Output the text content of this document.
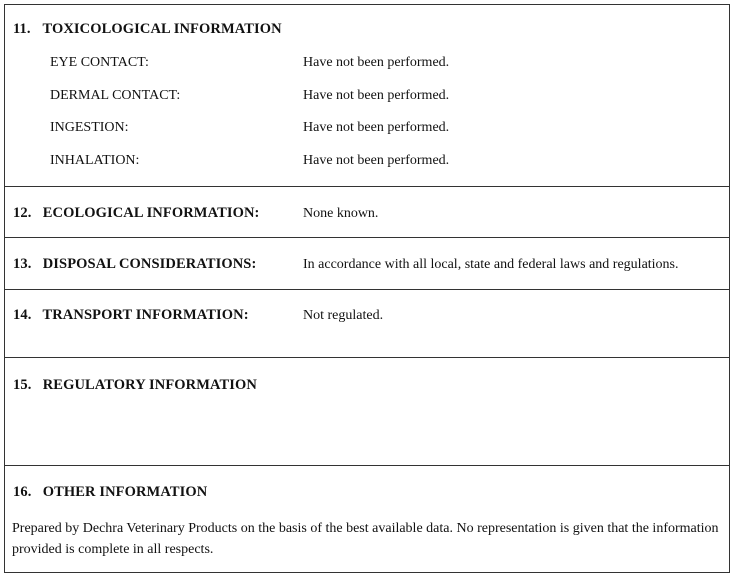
11. TOXICOLOGICAL INFORMATION
EYE CONTACT:	Have not been performed.
DERMAL CONTACT:	Have not been performed.
INGESTION:	Have not been performed.
INHALATION:	Have not been performed.
12. ECOLOGICAL INFORMATION:	None known.
13. DISPOSAL CONSIDERATIONS:	In accordance with all local, state and federal laws and regulations.
14. TRANSPORT INFORMATION:	Not regulated.
15. REGULATORY INFORMATION
16. OTHER INFORMATION
Prepared by Dechra Veterinary Products on the basis of the best available data. No representation is given that the information provided is complete in all respects.
